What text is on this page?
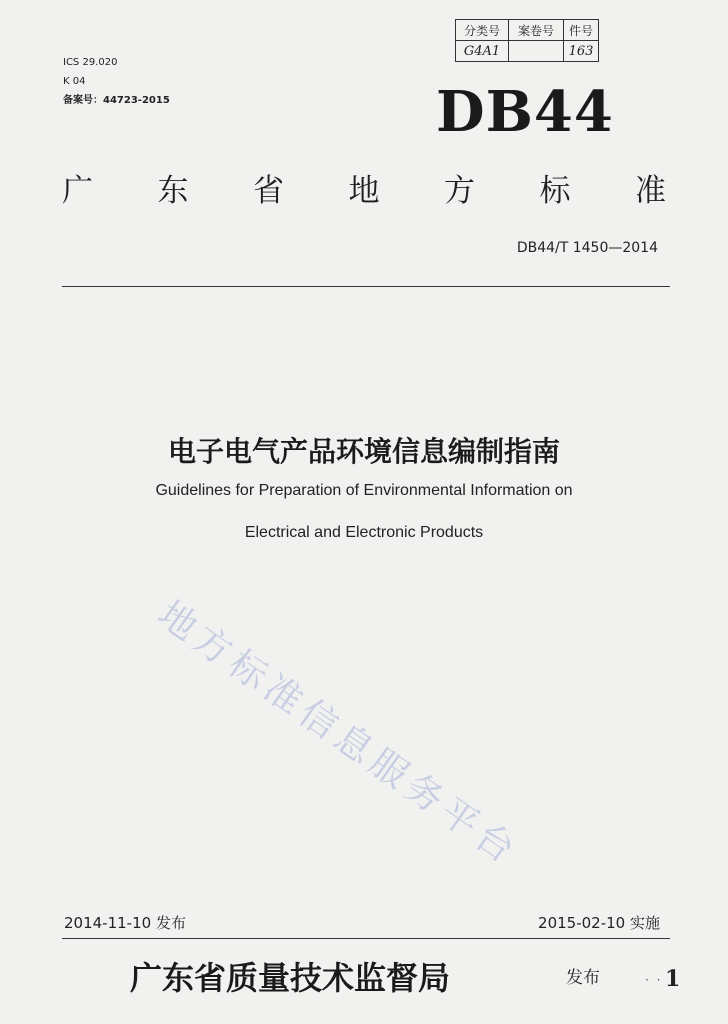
ICS 29.020
K 04
备案号：44723-2015
分类号	案卷号	件号
G4A1		163
DB44
广 东 省 地 方 标 准
DB44/T 1450—2014
电子电气产品环境信息编制指南
Guidelines for Preparation of Environmental Information on
Electrical and Electronic Products
地方标准信息服务平台
2014-11-10 发布	2015-02-10 实施
广东省质量技术监督局	发布	· · 1
